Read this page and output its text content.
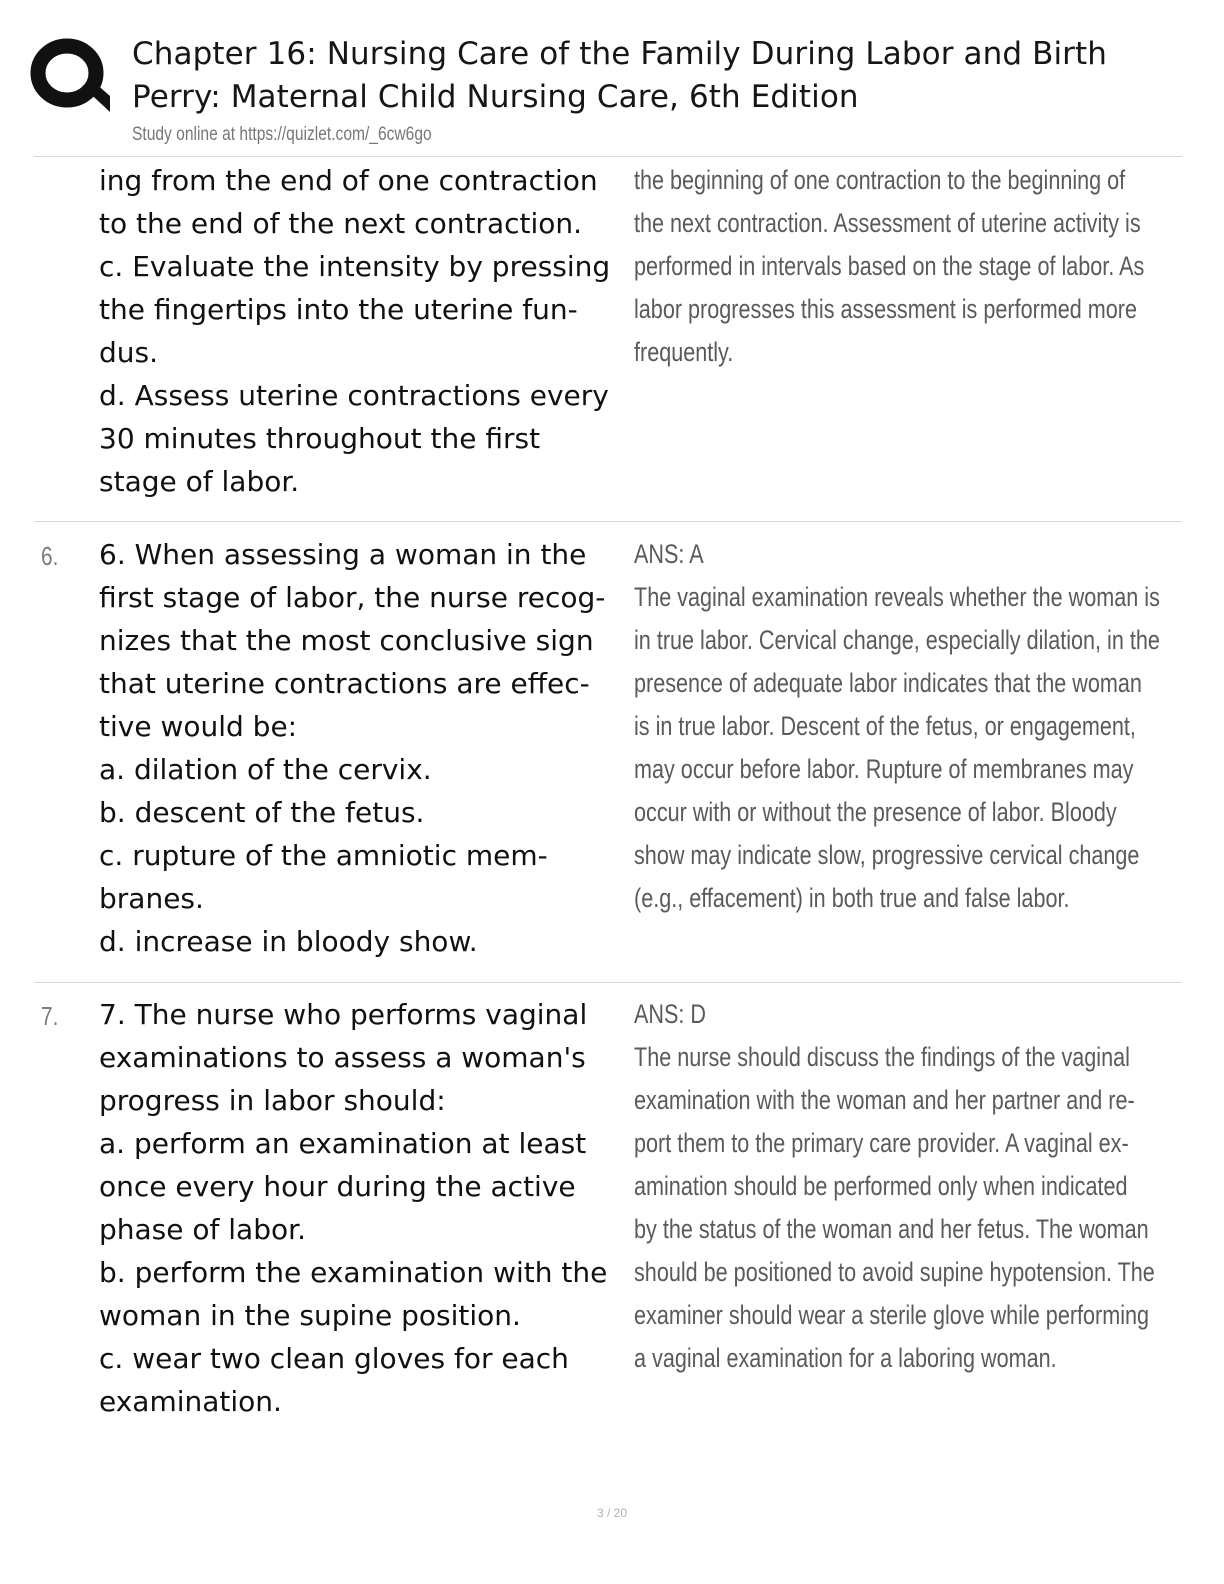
Chapter 16: Nursing Care of the Family During Labor and Birth
Perry: Maternal Child Nursing Care, 6th Edition
Study online at https://quizlet.com/_6cw6go
ing from the end of one contraction
to the end of the next contraction.
c. Evaluate the intensity by pressing
the fingertips into the uterine fun-
dus.
d. Assess uterine contractions every
30 minutes throughout the first
stage of labor.
the beginning of one contraction to the beginning of
the next contraction. Assessment of uterine activity is
performed in intervals based on the stage of labor. As
labor progresses this assessment is performed more
frequently.
6. 6. When assessing a woman in the
first stage of labor, the nurse recog-
nizes that the most conclusive sign
that uterine contractions are effec-
tive would be:
a. dilation of the cervix.
b. descent of the fetus.
c. rupture of the amniotic mem-
branes.
d. increase in bloody show.
ANS: A
The vaginal examination reveals whether the woman is
in true labor. Cervical change, especially dilation, in the
presence of adequate labor indicates that the woman
is in true labor. Descent of the fetus, or engagement,
may occur before labor. Rupture of membranes may
occur with or without the presence of labor. Bloody
show may indicate slow, progressive cervical change
(e.g., effacement) in both true and false labor.
7. 7. The nurse who performs vaginal
examinations to assess a woman's
progress in labor should:
a. perform an examination at least
once every hour during the active
phase of labor.
b. perform the examination with the
woman in the supine position.
c. wear two clean gloves for each
examination.
ANS: D
The nurse should discuss the findings of the vaginal
examination with the woman and her partner and re-
port them to the primary care provider. A vaginal ex-
amination should be performed only when indicated
by the status of the woman and her fetus. The woman
should be positioned to avoid supine hypotension. The
examiner should wear a sterile glove while performing
a vaginal examination for a laboring woman.
3 / 20
